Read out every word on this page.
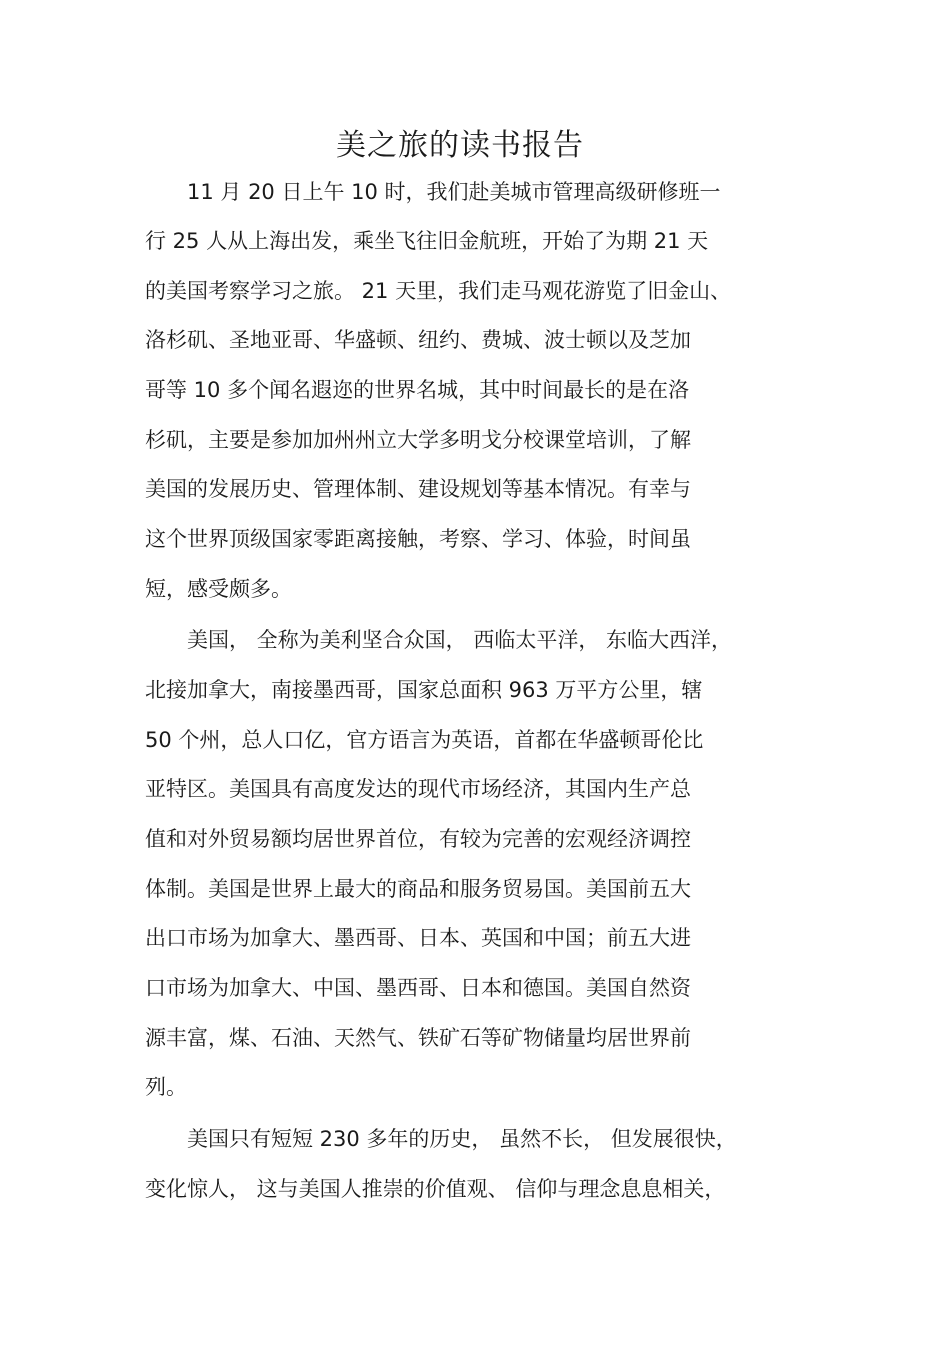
美之旅的读书报告
　　11 月 20 日上午 10 时，我们赴美城市管理高级研修班一
行 25 人从上海出发，乘坐飞往旧金航班，开始了为期 21 天
的美国考察学习之旅。 21 天里，我们走马观花游览了旧金山、
洛杉矶、圣地亚哥、华盛顿、纽约、费城、波士顿以及芝加
哥等 10 多个闻名遐迩的世界名城，其中时间最长的是在洛
杉矶，主要是参加加州州立大学多明戈分校课堂培训，了解
美国的发展历史、管理体制、建设规划等基本情况。有幸与
这个世界顶级国家零距离接触，考察、学习、体验，时间虽
短，感受颇多。
　　美国， 全称为美利坚合众国， 西临太平洋， 东临大西洋，
北接加拿大，南接墨西哥，国家总面积 963 万平方公里，辖
50 个州，总人口亿，官方语言为英语，首都在华盛顿哥伦比
亚特区。美国具有高度发达的现代市场经济，其国内生产总
值和对外贸易额均居世界首位，有较为完善的宏观经济调控
体制。美国是世界上最大的商品和服务贸易国。美国前五大
出口市场为加拿大、墨西哥、日本、英国和中国；前五大进
口市场为加拿大、中国、墨西哥、日本和德国。美国自然资
源丰富，煤、石油、天然气、铁矿石等矿物储量均居世界前
列。
　　美国只有短短 230 多年的历史， 虽然不长， 但发展很快，
变化惊人， 这与美国人推崇的价值观、 信仰与理念息息相关，
